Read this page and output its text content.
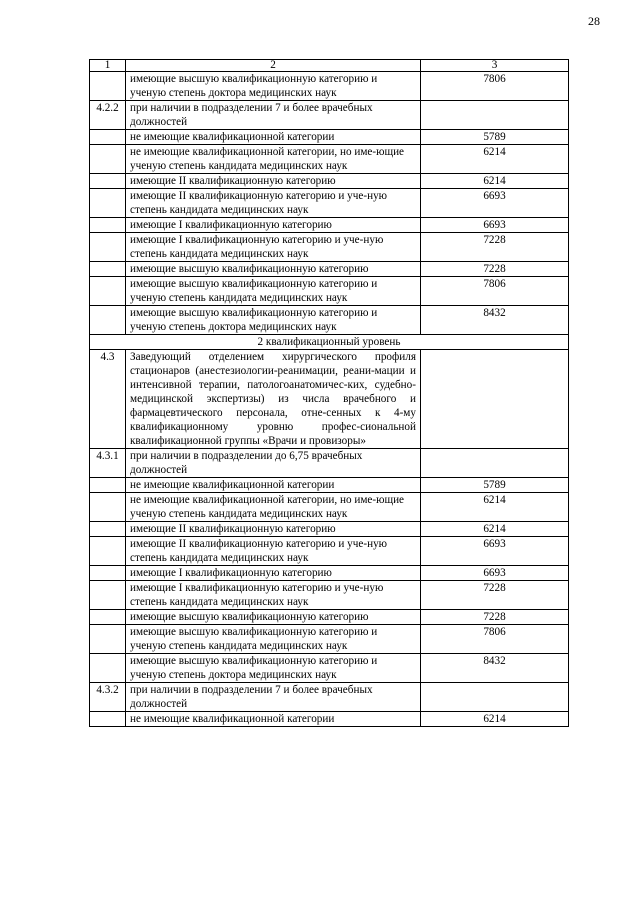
28
1	2	3
	имеющие высшую квалификационную категорию и ученую степень доктора медицинских наук	7806
4.2.2	при наличии в подразделении 7 и более врачебных должностей	
	не имеющие квалификационной категории	5789
	не имеющие квалификационной категории, но име-ющие ученую степень кандидата медицинских наук	6214
	имеющие II квалификационную категорию	6214
	имеющие II квалификационную категорию и уче-ную степень кандидата медицинских наук	6693
	имеющие I квалификационную категорию	6693
	имеющие I квалификационную категорию и уче-ную степень кандидата медицинских наук	7228
	имеющие высшую квалификационную категорию	7228
	имеющие высшую квалификационную категорию и ученую степень кандидата медицинских наук	7806
	имеющие высшую квалификационную категорию и ученую степень доктора медицинских наук	8432
2 квалификационный уровень		
4.3	Заведующий отделением хирургического профиля стационаров (анестезиологии-реанимации, реани-мации и интенсивной терапии, патологоанатомичес-ких, судебно-медицинской экспертизы) из числа врачебного и фармацевтического персонала, отне-сенных к 4-му квалификационному уровню профес-сиональной квалификационной группы «Врачи и провизоры»	
4.3.1	при наличии в подразделении до 6,75 врачебных должностей	
	не имеющие квалификационной категории	5789
	не имеющие квалификационной категории, но име-ющие ученую степень кандидата медицинских наук	6214
	имеющие II квалификационную категорию	6214
	имеющие II квалификационную категорию и уче-ную степень кандидата медицинских наук	6693
	имеющие I квалификационную категорию	6693
	имеющие I квалификационную категорию и уче-ную степень кандидата медицинских наук	7228
	имеющие высшую квалификационную категорию	7228
	имеющие высшую квалификационную категорию и ученую степень кандидата медицинских наук	7806
	имеющие высшую квалификационную категорию и ученую степень доктора медицинских наук	8432
4.3.2	при наличии в подразделении 7 и более врачебных должностей	
	не имеющие квалификационной категории	6214
